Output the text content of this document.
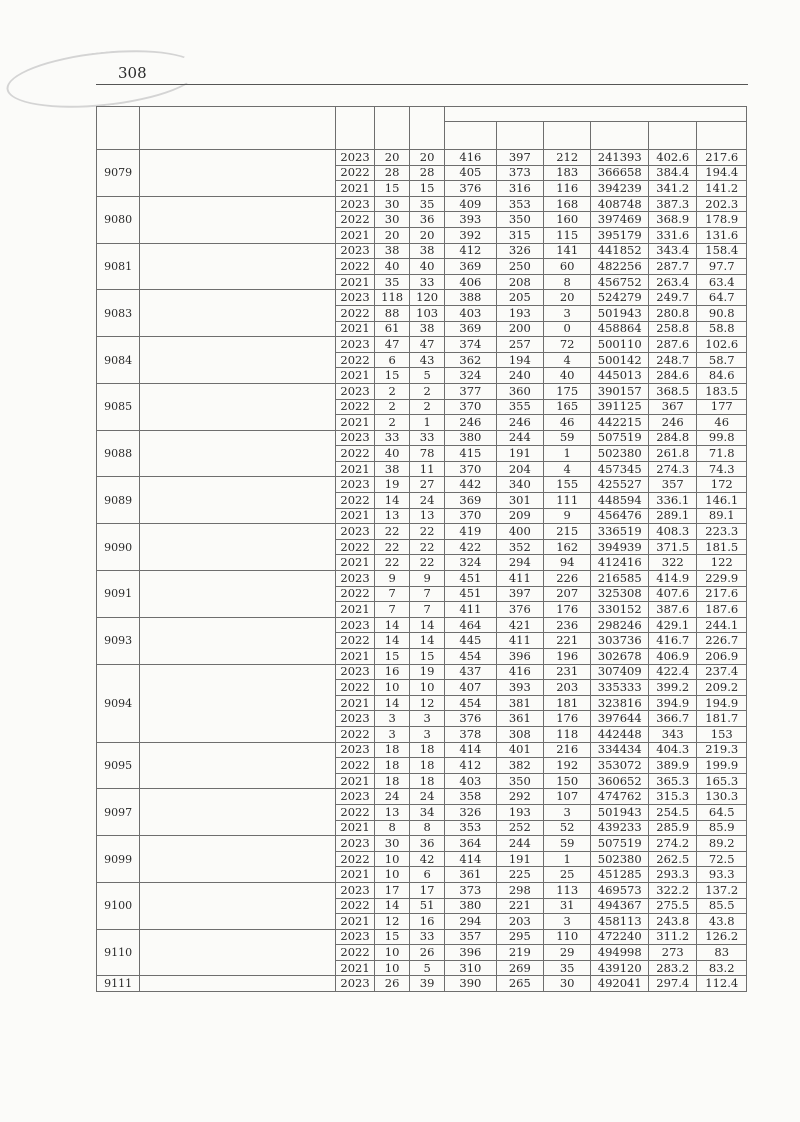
308

9079		2023	20	20	416	397	212	241393	402.6	217.6
		2022	28	28	405	373	183	366658	384.4	194.4
		2021	15	15	376	316	116	394239	341.2	141.2
9080		2023	30	35	409	353	168	408748	387.3	202.3
		2022	30	36	393	350	160	397469	368.9	178.9
		2021	20	20	392	315	115	395179	331.6	131.6
9081		2023	38	38	412	326	141	441852	343.4	158.4
		2022	40	40	369	250	60	482256	287.7	97.7
		2021	35	33	406	208	8	456752	263.4	63.4
9083		2023	118	120	388	205	20	524279	249.7	64.7
		2022	88	103	403	193	3	501943	280.8	90.8
		2021	61	38	369	200	0	458864	258.8	58.8
9084		2023	47	47	374	257	72	500110	287.6	102.6
		2022	6	43	362	194	4	500142	248.7	58.7
		2021	15	5	324	240	40	445013	284.6	84.6
9085		2023	2	2	377	360	175	390157	368.5	183.5
		2022	2	2	370	355	165	391125	367	177
		2021	2	1	246	246	46	442215	246	46
9088		2023	33	33	380	244	59	507519	284.8	99.8
		2022	40	78	415	191	1	502380	261.8	71.8
		2021	38	11	370	204	4	457345	274.3	74.3
9089		2023	19	27	442	340	155	425527	357	172
		2022	14	24	369	301	111	448594	336.1	146.1
		2021	13	13	370	209	9	456476	289.1	89.1
9090		2023	22	22	419	400	215	336519	408.3	223.3
		2022	22	22	422	352	162	394939	371.5	181.5
		2021	22	22	324	294	94	412416	322	122
9091		2023	9	9	451	411	226	216585	414.9	229.9
		2022	7	7	451	397	207	325308	407.6	217.6
		2021	7	7	411	376	176	330152	387.6	187.6
9093		2023	14	14	464	421	236	298246	429.1	244.1
		2022	14	14	445	411	221	303736	416.7	226.7
		2021	15	15	454	396	196	302678	406.9	206.9
9094		2023	16	19	437	416	231	307409	422.4	237.4
		2022	10	10	407	393	203	335333	399.2	209.2
		2021	14	12	454	381	181	323816	394.9	194.9
		2023	3	3	376	361	176	397644	366.7	181.7
		2022	3	3	378	308	118	442448	343	153
9095		2023	18	18	414	401	216	334434	404.3	219.3
		2022	18	18	412	382	192	353072	389.9	199.9
		2021	18	18	403	350	150	360652	365.3	165.3
9097		2023	24	24	358	292	107	474762	315.3	130.3
		2022	13	34	326	193	3	501943	254.5	64.5
		2021	8	8	353	252	52	439233	285.9	85.9
9099		2023	30	36	364	244	59	507519	274.2	89.2
		2022	10	42	414	191	1	502380	262.5	72.5
		2021	10	6	361	225	25	451285	293.3	93.3
9100		2023	17	17	373	298	113	469573	322.2	137.2
		2022	14	51	380	221	31	494367	275.5	85.5
		2021	12	16	294	203	3	458113	243.8	43.8
9110		2023	15	33	357	295	110	472240	311.2	126.2
		2022	10	26	396	219	29	494998	273	83
		2021	10	5	310	269	35	439120	283.2	83.2
9111		2023	26	39	390	265	30	492041	297.4	112.4
